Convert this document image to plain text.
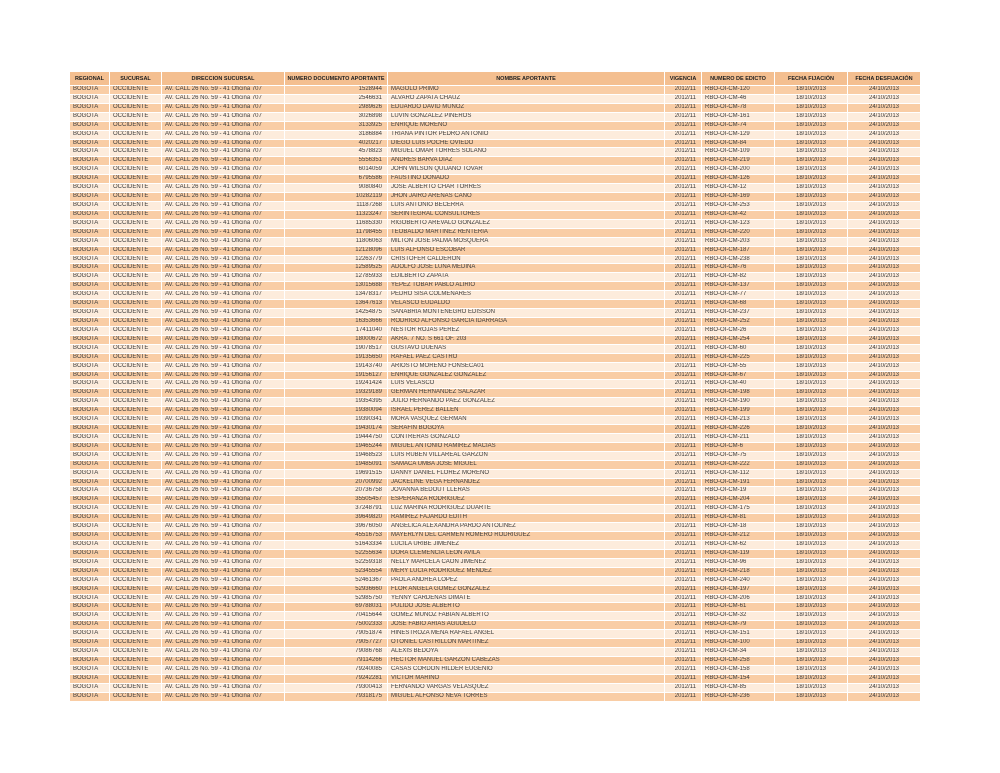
REGIONAL	SUCURSAL	DIRECCION SUCURSAL	NUMERO DOCUMENTO APORTANTE	NOMBRE APORTANTE	VIGENCIA	NUMERO DE EDICTO	FECHA FIJACIÓN	FECHA DESFIJACIÓN
BOGOTA	OCCIDENTE	AV. CALL 26 No. 59 - 41 Oficina 707	1528944	MAGOLO PRIMO	2012/11	RBO-OI-CM-120	18/10/2013	24/10/2013
BOGOTA	OCCIDENTE	AV. CALL 26 No. 59 - 41 Oficina 707	2546631	ALVARO ZAPATA CHAUZ	2012/11	RBO-OI-CM-46	18/10/2013	24/10/2013
BOGOTA	OCCIDENTE	AV. CALL 26 No. 59 - 41 Oficina 707	2989626	EDUARDO DAVID MUÑOZ	2012/11	RBO-OI-CM-78	18/10/2013	24/10/2013
BOGOTA	OCCIDENTE	AV. CALL 26 No. 59 - 41 Oficina 707	3026898	LUVIN GONZALEZ PINEROS	2012/11	RBO-OI-CM-161	18/10/2013	24/10/2013
BOGOTA	OCCIDENTE	AV. CALL 26 No. 59 - 41 Oficina 707	3133925	ENRIQUE MORENO	2012/11	RBO-OI-CM-74	18/10/2013	24/10/2013
BOGOTA	OCCIDENTE	AV. CALL 26 No. 59 - 41 Oficina 707	3186884	TRIANA PINTOR PEDRO ANTONIO	2012/11	RBO-OI-CM-129	18/10/2013	24/10/2013
BOGOTA	OCCIDENTE	AV. CALL 26 No. 59 - 41 Oficina 707	4020217	DIEGO LUIS POCHE OVIEDO	2012/11	RBO-OI-CM-84	18/10/2013	24/10/2013
BOGOTA	OCCIDENTE	AV. CALL 26 No. 59 - 41 Oficina 707	4578823	MIGUEL OMAR TORRES SOLANO	2012/11	RBO-OI-CM-109	18/10/2013	24/10/2013
BOGOTA	OCCIDENTE	AV. CALL 26 No. 59 - 41 Oficina 707	5556351	ANDRES BARVA DIAZ	2012/11	RBO-OI-CM-219	18/10/2013	24/10/2013
BOGOTA	OCCIDENTE	AV. CALL 26 No. 59 - 41 Oficina 707	6014059	JOHN WILSON QUIJANO TOVAR	2012/11	RBO-OI-CM-200	18/10/2013	24/10/2013
BOGOTA	OCCIDENTE	AV. CALL 26 No. 59 - 41 Oficina 707	6795586	FAUSTINO DONADO	2012/11	RBO-OI-CM-126	18/10/2013	24/10/2013
BOGOTA	OCCIDENTE	AV. CALL 26 No. 59 - 41 Oficina 707	9080840	JOSE ALBERTO CHAR TORRES	2012/11	RBO-OI-CM-12	18/10/2013	24/10/2013
BOGOTA	OCCIDENTE	AV. CALL 26 No. 59 - 41 Oficina 707	10282119	JHON JAIRO ARENAS CANO	2012/11	RBO-OI-CM-169	18/10/2013	24/10/2013
BOGOTA	OCCIDENTE	AV. CALL 26 No. 59 - 41 Oficina 707	11187268	LUIS ANTONIO BECERRA	2012/11	RBO-OI-CM-253	18/10/2013	24/10/2013
BOGOTA	OCCIDENTE	AV. CALL 26 No. 59 - 41 Oficina 707	11323247	SERINTEGRAL CONSULTORES	2012/11	RBO-OI-CM-42	18/10/2013	24/10/2013
BOGOTA	OCCIDENTE	AV. CALL 26 No. 59 - 41 Oficina 707	11685330	RIGOBERTO AREVALO GONZALEZ	2012/11	RBO-OI-CM-123	18/10/2013	24/10/2013
BOGOTA	OCCIDENTE	AV. CALL 26 No. 59 - 41 Oficina 707	11798455	TEOBALDO MARTINEZ RENTERIA	2012/11	RBO-OI-CM-220	18/10/2013	24/10/2013
BOGOTA	OCCIDENTE	AV. CALL 26 No. 59 - 41 Oficina 707	11806063	MILTON JOSE PALMA MOSQUERA	2012/11	RBO-OI-CM-203	18/10/2013	24/10/2013
BOGOTA	OCCIDENTE	AV. CALL 26 No. 59 - 41 Oficina 707	12128096	LUIS ALFONSO ESCOBAR	2012/11	RBO-OI-CM-187	18/10/2013	24/10/2013
BOGOTA	OCCIDENTE	AV. CALL 26 No. 59 - 41 Oficina 707	12263779	CRISTOFER CALDERON	2012/11	RBO-OI-CM-238	18/10/2013	24/10/2013
BOGOTA	OCCIDENTE	AV. CALL 26 No. 59 - 41 Oficina 707	12589525	ADOLFO JOSE LUNA MEDINA	2012/11	RBO-OI-CM-76	18/10/2013	24/10/2013
BOGOTA	OCCIDENTE	AV. CALL 26 No. 59 - 41 Oficina 707	12785933	EDILBERTO ZAPATA	2012/11	RBO-OI-CM-82	18/10/2013	24/10/2013
BOGOTA	OCCIDENTE	AV. CALL 26 No. 59 - 41 Oficina 707	13015688	YEPEZ TOBAR PABLO ALIRIO	2012/11	RBO-OI-CM-137	18/10/2013	24/10/2013
BOGOTA	OCCIDENTE	AV. CALL 26 No. 59 - 41 Oficina 707	13478317	PEDRO SISA COLMENARES	2012/11	RBO-OI-CM-77	18/10/2013	24/10/2013
BOGOTA	OCCIDENTE	AV. CALL 26 No. 59 - 41 Oficina 707	13647613	VELASCO EUDALDO	2012/11	RBO-OI-CM-68	18/10/2013	24/10/2013
BOGOTA	OCCIDENTE	AV. CALL 26 No. 59 - 41 Oficina 707	14254875	SANABRIA MONTENEGRO EDISSON	2012/11	RBO-OI-CM-237	18/10/2013	24/10/2013
BOGOTA	OCCIDENTE	AV. CALL 26 No. 59 - 41 Oficina 707	16353666	RODRIGO ALFONSO GARCIA IDARRAGA	2012/11	RBO-OI-CM-252	18/10/2013	24/10/2013
BOGOTA	OCCIDENTE	AV. CALL 26 No. 59 - 41 Oficina 707	17411040	NESTOR ROJAS PEREZ	2012/11	RBO-OI-CM-26	18/10/2013	24/10/2013
BOGOTA	OCCIDENTE	AV. CALL 26 No. 59 - 41 Oficina 707	18000672	AKRA. 7 NO. S 661 OF. 203	2012/11	RBO-OI-CM-254	18/10/2013	24/10/2013
BOGOTA	OCCIDENTE	AV. CALL 26 No. 59 - 41 Oficina 707	19078517	GUSTAVO DUENAS	2012/11	RBO-OI-CM-60	18/10/2013	24/10/2013
BOGOTA	OCCIDENTE	AV. CALL 26 No. 59 - 41 Oficina 707	19135650	RAFAEL PAEZ CASTRO	2012/11	RBO-OI-CM-225	18/10/2013	24/10/2013
BOGOTA	OCCIDENTE	AV. CALL 26 No. 59 - 41 Oficina 707	19143740	ARIOSTO MORENO FONSECA01	2012/11	RBO-OI-CM-55	18/10/2013	24/10/2013
BOGOTA	OCCIDENTE	AV. CALL 26 No. 59 - 41 Oficina 707	19156127	ENRIQUE GONZALEZ GONZALEZ	2012/11	RBO-OI-CM-67	18/10/2013	24/10/2013
BOGOTA	OCCIDENTE	AV. CALL 26 No. 59 - 41 Oficina 707	19241424	LUIS VELASCO	2012/11	RBO-OI-CM-40	18/10/2013	24/10/2013
BOGOTA	OCCIDENTE	AV. CALL 26 No. 59 - 41 Oficina 707	19329189	GERMAN HERNANDEZ SALAZAR	2012/11	RBO-OI-CM-198	18/10/2013	24/10/2013
BOGOTA	OCCIDENTE	AV. CALL 26 No. 59 - 41 Oficina 707	19354395	JULIO HERNANDO PAEZ GONZALEZ	2012/11	RBO-OI-CM-190	18/10/2013	24/10/2013
BOGOTA	OCCIDENTE	AV. CALL 26 No. 59 - 41 Oficina 707	19380094	ISRAEL PEREZ BALLEN	2012/11	RBO-OI-CM-199	18/10/2013	24/10/2013
BOGOTA	OCCIDENTE	AV. CALL 26 No. 59 - 41 Oficina 707	19390341	MORA VASQUEZ GERMAN	2012/11	RBO-OI-CM-213	18/10/2013	24/10/2013
BOGOTA	OCCIDENTE	AV. CALL 26 No. 59 - 41 Oficina 707	19430174	SERAFIN BOGOYA	2012/11	RBO-OI-CM-226	18/10/2013	24/10/2013
BOGOTA	OCCIDENTE	AV. CALL 26 No. 59 - 41 Oficina 707	19444750	CONTRERAS GONZALO	2012/11	RBO-OI-CM-211	18/10/2013	24/10/2013
BOGOTA	OCCIDENTE	AV. CALL 26 No. 59 - 41 Oficina 707	19465244	MIGUEL ANTONIO RAMIREZ MACIAS	2012/11	RBO-OI-CM-6	18/10/2013	24/10/2013
BOGOTA	OCCIDENTE	AV. CALL 26 No. 59 - 41 Oficina 707	19468523	LUIS RUBEN VILLAREAL GARZON	2012/11	RBO-OI-CM-75	18/10/2013	24/10/2013
BOGOTA	OCCIDENTE	AV. CALL 26 No. 59 - 41 Oficina 707	19485091	SAMACA UMBA JOSE MIGUEL	2012/11	RBO-OI-CM-222	18/10/2013	24/10/2013
BOGOTA	OCCIDENTE	AV. CALL 26 No. 59 - 41 Oficina 707	19691515	DANNY DANIEL FLOREZ MORENO	2012/11	RBO-OI-CM-112	18/10/2013	24/10/2013
BOGOTA	OCCIDENTE	AV. CALL 26 No. 59 - 41 Oficina 707	20700992	JACKELINE VEGA FERNANDEZ	2012/11	RBO-OI-CM-191	18/10/2013	24/10/2013
BOGOTA	OCCIDENTE	AV. CALL 26 No. 59 - 41 Oficina 707	20736758	JOVANNA BEDOUT LLERAS	2012/11	RBO-OI-CM-19	18/10/2013	24/10/2013
BOGOTA	OCCIDENTE	AV. CALL 26 No. 59 - 41 Oficina 707	35505457	ESPERANZA RODRIGUEZ	2012/11	RBO-OI-CM-204	18/10/2013	24/10/2013
BOGOTA	OCCIDENTE	AV. CALL 26 No. 59 - 41 Oficina 707	37248791	LUZ MARINA RODRIGUEZ DUARTE	2012/11	RBO-OI-CM-175	18/10/2013	24/10/2013
BOGOTA	OCCIDENTE	AV. CALL 26 No. 59 - 41 Oficina 707	39649820	RAMIREZ FAJARDO EDITH	2012/11	RBO-OI-CM-81	18/10/2013	24/10/2013
BOGOTA	OCCIDENTE	AV. CALL 26 No. 59 - 41 Oficina 707	39676050	ANGELICA ALEXANDRA PARDO ANTOLINEZ	2012/11	RBO-OI-CM-18	18/10/2013	24/10/2013
BOGOTA	OCCIDENTE	AV. CALL 26 No. 59 - 41 Oficina 707	45516753	MAYERLYN DEL CARMEN ROMERO RODRIGUEZ	2012/11	RBO-OI-CM-212	18/10/2013	24/10/2013
BOGOTA	OCCIDENTE	AV. CALL 26 No. 59 - 41 Oficina 707	51643334	LUCILA URIBE JIMENEZ	2012/11	RBO-OI-CM-62	18/10/2013	24/10/2013
BOGOTA	OCCIDENTE	AV. CALL 26 No. 59 - 41 Oficina 707	52255634	DORA CLEMENCIA LEON AVILA	2012/11	RBO-OI-CM-119	18/10/2013	24/10/2013
BOGOTA	OCCIDENTE	AV. CALL 26 No. 59 - 41 Oficina 707	52259318	NELLY MARCELA CAON JIMENEZ	2012/11	RBO-OI-CM-96	18/10/2013	24/10/2013
BOGOTA	OCCIDENTE	AV. CALL 26 No. 59 - 41 Oficina 707	52345554	MERY LUCIA RODRIGUEZ MENDEZ	2012/11	RBO-OI-CM-218	18/10/2013	24/10/2013
BOGOTA	OCCIDENTE	AV. CALL 26 No. 59 - 41 Oficina 707	52461367	PAOLA ANDREA LOPEZ	2012/11	RBO-OI-CM-240	18/10/2013	24/10/2013
BOGOTA	OCCIDENTE	AV. CALL 26 No. 59 - 41 Oficina 707	52936660	FLOR ANGELA GOMEZ GONZALEZ	2012/11	RBO-OI-CM-197	18/10/2013	24/10/2013
BOGOTA	OCCIDENTE	AV. CALL 26 No. 59 - 41 Oficina 707	52985750	YENNY CARDENAS DIMATE	2012/11	RBO-OI-CM-206	18/10/2013	24/10/2013
BOGOTA	OCCIDENTE	AV. CALL 26 No. 59 - 41 Oficina 707	69788031	PULIDO JOSE ALBERTO	2012/11	RBO-OI-CM-61	18/10/2013	24/10/2013
BOGOTA	OCCIDENTE	AV. CALL 26 No. 59 - 41 Oficina 707	70415644	GOMEZ MUÑOZ FABIAN ALBERTO	2012/11	RBO-OI-CM-32	18/10/2013	24/10/2013
BOGOTA	OCCIDENTE	AV. CALL 26 No. 59 - 41 Oficina 707	75002333	JOSE FABIO ARIAS AGUDELO	2012/11	RBO-OI-CM-79	18/10/2013	24/10/2013
BOGOTA	OCCIDENTE	AV. CALL 26 No. 59 - 41 Oficina 707	79051874	HINESTROZA MENA RAFAEL ANGEL	2012/11	RBO-OI-CM-151	18/10/2013	24/10/2013
BOGOTA	OCCIDENTE	AV. CALL 26 No. 59 - 41 Oficina 707	79057727	OTONIEL CASTRILLON MARTINEZ	2012/11	RBO-OI-CM-100	18/10/2013	24/10/2013
BOGOTA	OCCIDENTE	AV. CALL 26 No. 59 - 41 Oficina 707	79086768	ALEXIS BEDOYA	2012/11	RBO-OI-CM-34	18/10/2013	24/10/2013
BOGOTA	OCCIDENTE	AV. CALL 26 No. 59 - 41 Oficina 707	79114266	HECTOR MANUEL GARZON CABEZAS	2012/11	RBO-OI-CM-258	18/10/2013	24/10/2013
BOGOTA	OCCIDENTE	AV. CALL 26 No. 59 - 41 Oficina 707	79240085	CASAS CORDON HILDER EUGENIO	2012/11	RBO-OI-CM-158	18/10/2013	24/10/2013
BOGOTA	OCCIDENTE	AV. CALL 26 No. 59 - 41 Oficina 707	79242281	VICTOR MARINO	2012/11	RBO-OI-CM-154	18/10/2013	24/10/2013
BOGOTA	OCCIDENTE	AV. CALL 26 No. 59 - 41 Oficina 707	79300413	FERNANDO VARGAS VELASQUEZ	2012/11	RBO-OI-CM-85	18/10/2013	24/10/2013
BOGOTA	OCCIDENTE	AV. CALL 26 No. 59 - 41 Oficina 707	79318175	MIGUEL ALFONSO NEVA TORRES	2012/11	RBO-OI-CM-236	18/10/2013	24/10/2013
